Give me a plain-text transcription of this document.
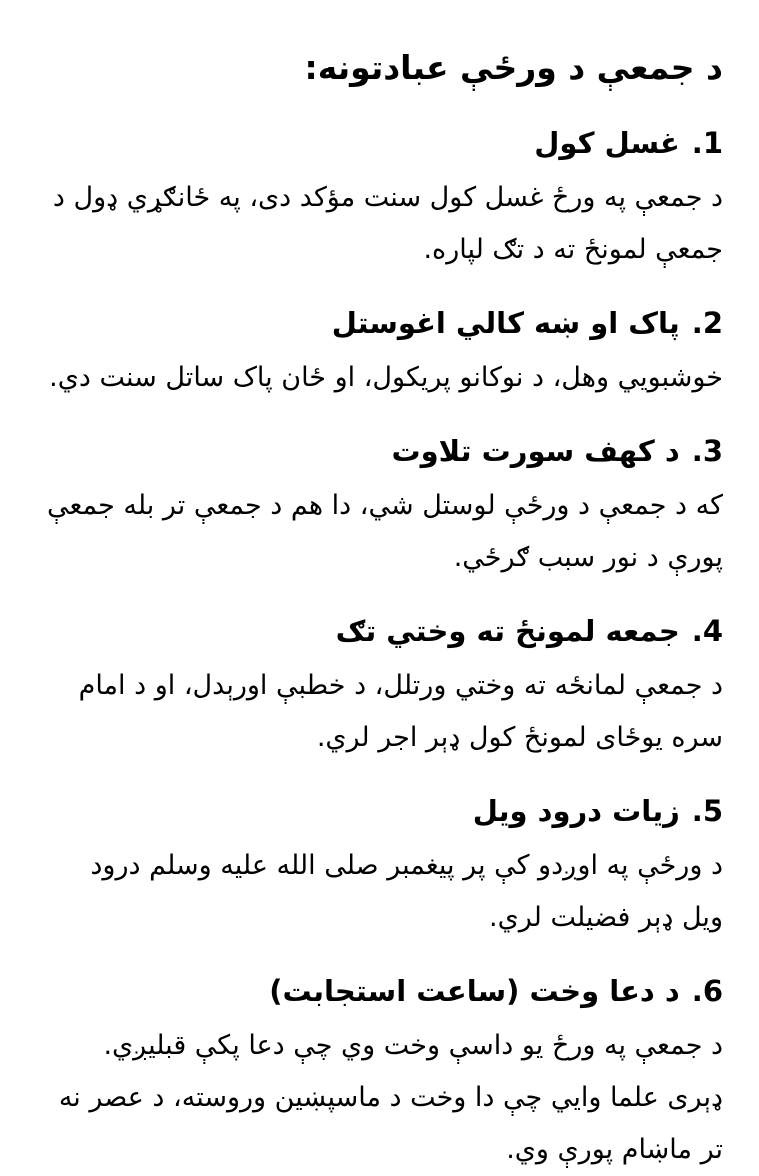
د جمعې د ورځې عبادتونه:
1.غسل کول

د جمعې په ورځ غسل کول سنت مؤکد دی، په ځانګړي ډول د جمعې لمونځ ته د تګ لپاره.

2.پاک او ښه کالي اغوستل

خوشبويي وهل، د نوکانو پريکول، او ځان پاک ساتل سنت دي.

3.د کهف سورت تلاوت

که د جمعې د ورځې لوستل شي، دا هم د جمعې تر بله جمعې پورې د نور سبب ګرځي.

4.جمعه لمونځ ته وختي تګ

د جمعې لمانځه ته وختي ورتلل، د خطبې اورېدل، او د امام سره يوځای لمونځ کول ډېر اجر لري.

5.زيات درود ويل

د ورځې په اوږدو کې پر پيغمبر صلی الله عليه وسلم درود ويل ډېر فضيلت لري.

6.د دعا وخت (ساعت استجابت)

د جمعې په ورځ يو داسې وخت وي چې دعا پکې قبليږي. ډېری علما وايي چې دا وخت د ماسپښين وروسته، د عصر نه تر ماښام پورې وي.
